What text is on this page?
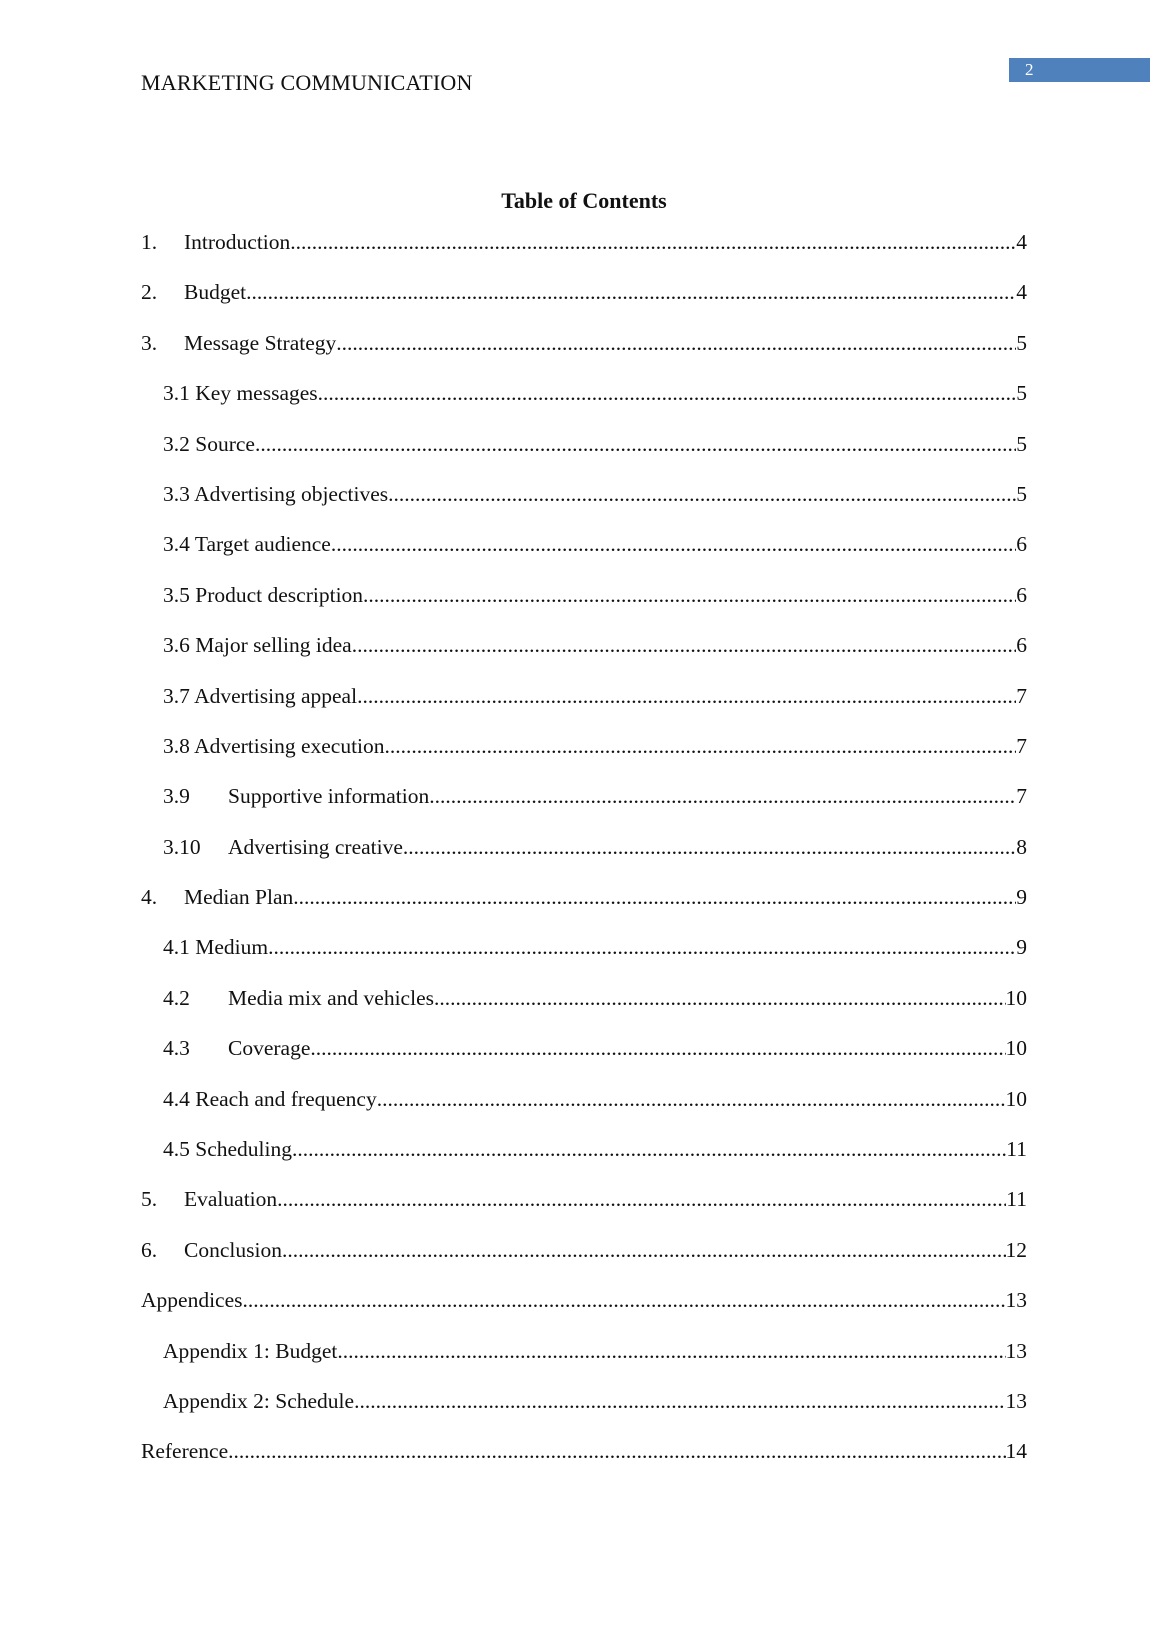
MARKETING COMMUNICATION
2
Table of Contents
1.	Introduction .....	4
2.	Budget .....	4
3.	Message Strategy .....	5
3.1 Key messages .....	5
3.2 Source .....	5
3.3 Advertising objectives .....	5
3.4 Target audience .....	6
3.5 Product description .....	6
3.6 Major selling idea .....	6
3.7 Advertising appeal .....	7
3.8 Advertising execution .....	7
3.9	Supportive information .....	7
3.10	Advertising creative .....	8
4.	Median Plan .....	9
4.1 Medium .....	9
4.2	Media mix and vehicles .....	10
4.3	Coverage .....	10
4.4 Reach and frequency .....	10
4.5 Scheduling .....	11
5.	Evaluation .....	11
6.	Conclusion .....	12
Appendices .....	13
Appendix 1: Budget .....	13
Appendix 2: Schedule .....	13
Reference .....	14
